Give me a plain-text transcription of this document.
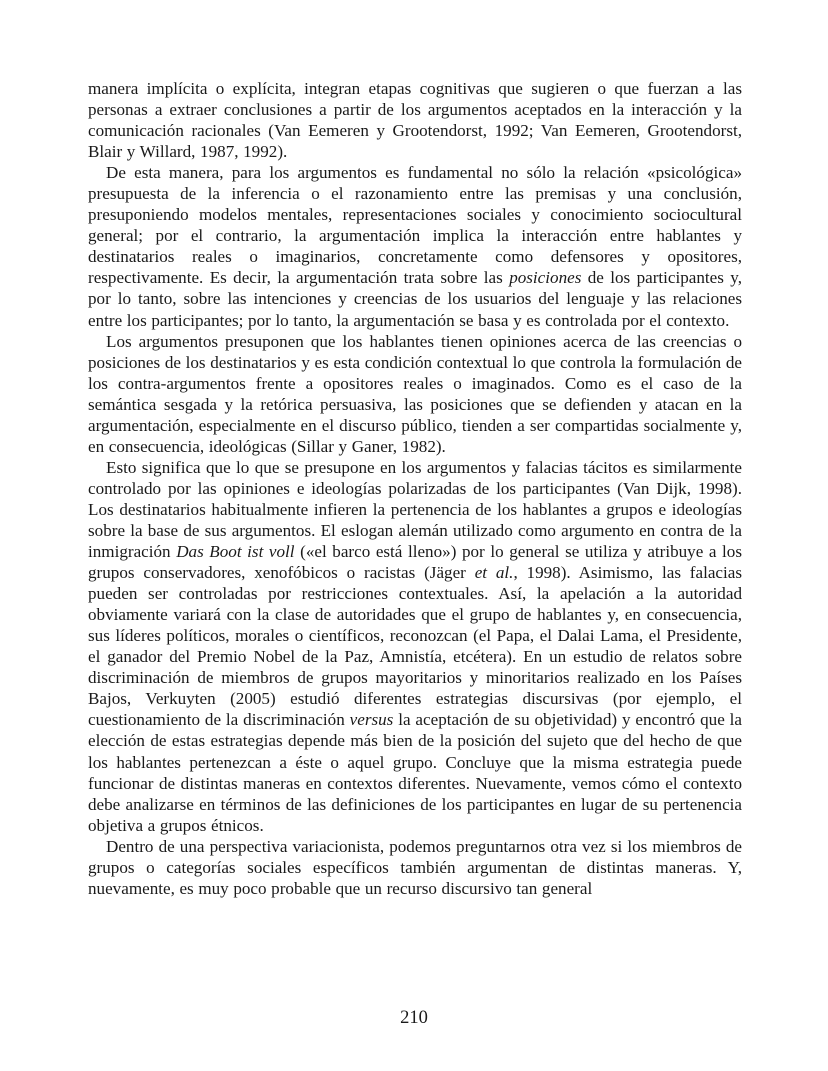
manera implícita o explícita, integran etapas cognitivas que sugieren o que fuerzan a las personas a extraer conclusiones a partir de los argumentos aceptados en la interacción y la comunicación racionales (Van Eemeren y Grootendorst, 1992; Van Eemeren, Grootendorst, Blair y Willard, 1987, 1992).

De esta manera, para los argumentos es fundamental no sólo la relación «psicológica» presupuesta de la inferencia o el razonamiento entre las premisas y una conclusión, presuponiendo modelos mentales, representaciones sociales y conocimiento sociocultural general; por el contrario, la argumentación implica la interacción entre hablantes y destinatarios reales o imaginarios, concretamente como defensores y opositores, respectivamente. Es decir, la argumentación trata sobre las posiciones de los participantes y, por lo tanto, sobre las intenciones y creencias de los usuarios del lenguaje y las relaciones entre los participantes; por lo tanto, la argumentación se basa y es controlada por el contexto.

Los argumentos presuponen que los hablantes tienen opiniones acerca de las creencias o posiciones de los destinatarios y es esta condición contextual lo que controla la formulación de los contra-argumentos frente a opositores reales o imaginados. Como es el caso de la semántica sesgada y la retórica persuasiva, las posiciones que se defienden y atacan en la argumentación, especialmente en el discurso público, tienden a ser compartidas socialmente y, en consecuencia, ideológicas (Sillar y Ganer, 1982).

Esto significa que lo que se presupone en los argumentos y falacias tácitos es similarmente controlado por las opiniones e ideologías polarizadas de los participantes (Van Dijk, 1998). Los destinatarios habitualmente infieren la pertenencia de los hablantes a grupos e ideologías sobre la base de sus argumentos. El eslogan alemán utilizado como argumento en contra de la inmigración Das Boot ist voll («el barco está lleno») por lo general se utiliza y atribuye a los grupos conservadores, xenofóbicos o racistas (Jäger et al., 1998). Asimismo, las falacias pueden ser controladas por restricciones contextuales. Así, la apelación a la autoridad obviamente variará con la clase de autoridades que el grupo de hablantes y, en consecuencia, sus líderes políticos, morales o científicos, reconozcan (el Papa, el Dalai Lama, el Presidente, el ganador del Premio Nobel de la Paz, Amnistía, etcétera). En un estudio de relatos sobre discriminación de miembros de grupos mayoritarios y minoritarios realizado en los Países Bajos, Verkuyten (2005) estudió diferentes estrategias discursivas (por ejemplo, el cuestionamiento de la discriminación versus la aceptación de su objetividad) y encontró que la elección de estas estrategias depende más bien de la posición del sujeto que del hecho de que los hablantes pertenezcan a éste o aquel grupo. Concluye que la misma estrategia puede funcionar de distintas maneras en contextos diferentes. Nuevamente, vemos cómo el contexto debe analizarse en términos de las definiciones de los participantes en lugar de su pertenencia objetiva a grupos étnicos.

Dentro de una perspectiva variacionista, podemos preguntarnos otra vez si los miembros de grupos o categorías sociales específicos también argumentan de distintas maneras. Y, nuevamente, es muy poco probable que un recurso discursivo tan general

210
